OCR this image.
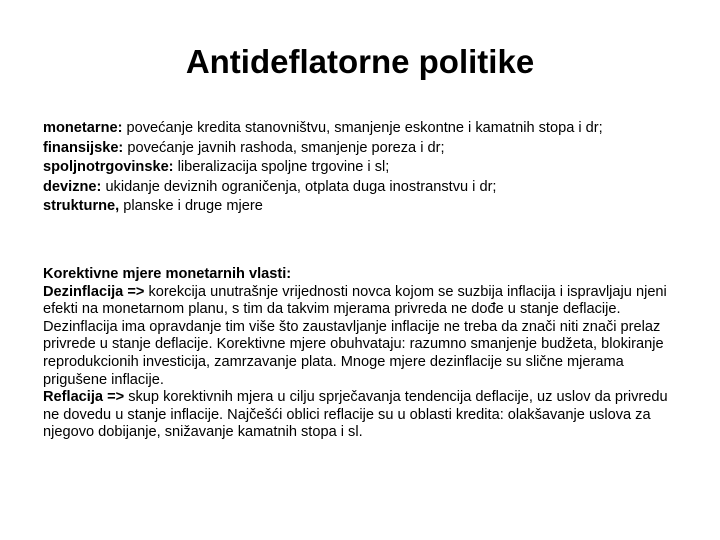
Antideflatorne politike
monetarne: povećanje kredita stanovništvu, smanjenje eskontne i kamatnih stopa i dr;
finansijske: povećanje javnih rashoda, smanjenje poreza i dr;
spoljnotrgovinske: liberalizacija spoljne trgovine i sl;
devizne: ukidanje deviznih ograničenja, otplata duga inostranstvu i dr;
strukturne, planske i druge mjere
Korektivne mjere monetarnih vlasti:
Dezinflacija => korekcija unutrašnje vrijednosti novca kojom se suzbija inflacija i ispravljaju njeni efekti na monetarnom planu, s tim da takvim mjerama privreda ne dođe u stanje deflacije. Dezinflacija ima opravdanje tim više što zaustavljanje inflacije ne treba da znači niti znači prelaz privrede u stanje deflacije. Korektivne mjere obuhvataju: razumno smanjenje budžeta, blokiranje reprodukcionih investicija, zamrzavanje plata. Mnoge mjere dezinflacije su slične mjerama prigušene inflacije.
Reflacija => skup korektivnih mjera u cilju sprječavanja tendencija deflacije, uz uslov da privredu ne dovedu u stanje inflacije. Najčešći oblici reflacije su u oblasti kredita: olakšavanje uslova za njegovo dobijanje, snižavanje kamatnih stopa i sl.
